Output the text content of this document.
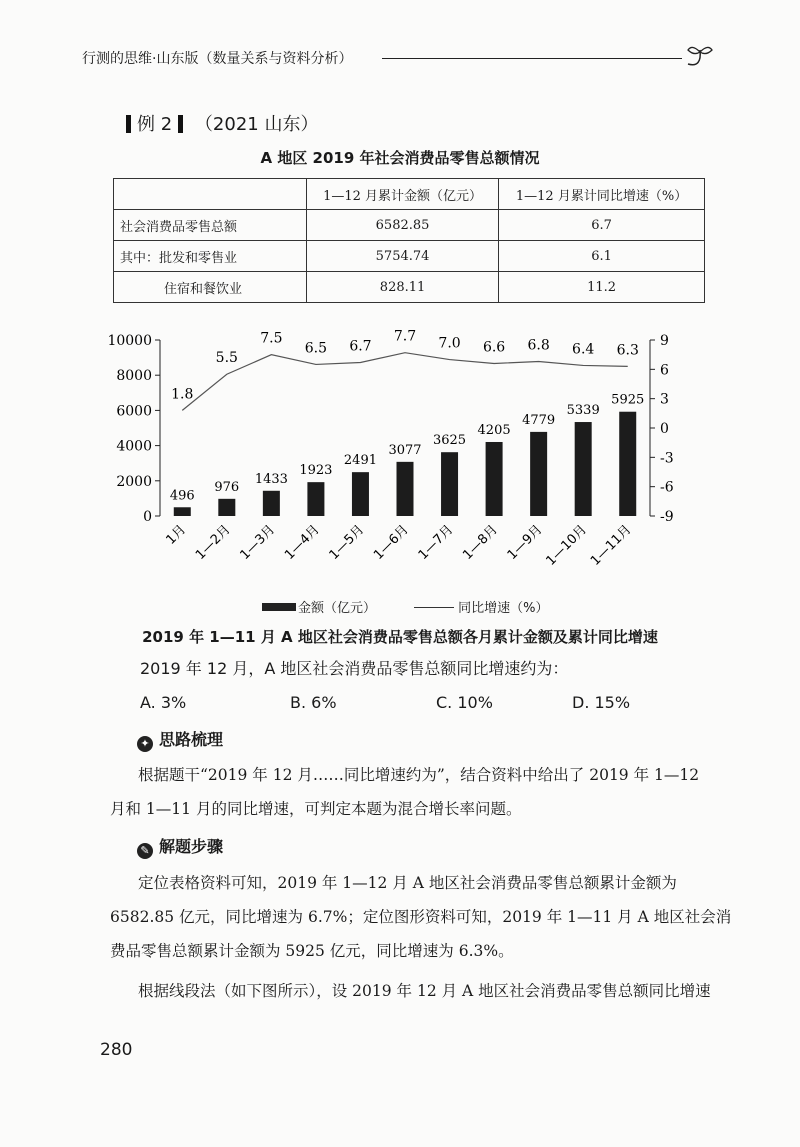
行测的思维·山东版（数量关系与资料分析）
例 2 （2021 山东）
A 地区 2019 年社会消费品零售总额情况
	1—12 月累计金额（亿元）	1—12 月累计同比增速（%）
社会消费品零售总额	6582.85	6.7
其中：批发和零售业	5754.74	6.1
住宿和餐饮业	828.11	11.2
0
2000
4000
6000
8000
10000
-9
-6
-3
0
3
6
9
496
1月
976
1—2月
1433
1—3月
1923
1—4月
2491
1—5月
3077
1—6月
3625
1—7月
4205
1—8月
4779
1—9月
5339
1—10月
5925
1—11月
1.8
5.5
7.5
6.5 6.7
7.7 7.0 6.6 6.8 6.4 6.3
金额（亿元）	同比增速（%）
2019 年 1—11 月 A 地区社会消费品零售总额各月累计金额及累计同比增速
2019 年 12 月，A 地区社会消费品零售总额同比增速约为：
A. 3%	B. 6%	C. 10%	D. 15%
✦ 思路梳理
根据题干“2019 年 12 月……同比增速约为”，结合资料中给出了 2019 年 1—12
月和 1—11 月的同比增速，可判定本题为混合增长率问题。
✎ 解题步骤
定位表格资料可知，2019 年 1—12 月 A 地区社会消费品零售总额累计金额为
6582.85 亿元，同比增速为 6.7%；定位图形资料可知，2019 年 1—11 月 A 地区社会消
费品零售总额累计金额为 5925 亿元，同比增速为 6.3%。
根据线段法（如下图所示），设 2019 年 12 月 A 地区社会消费品零售总额同比增速
280
